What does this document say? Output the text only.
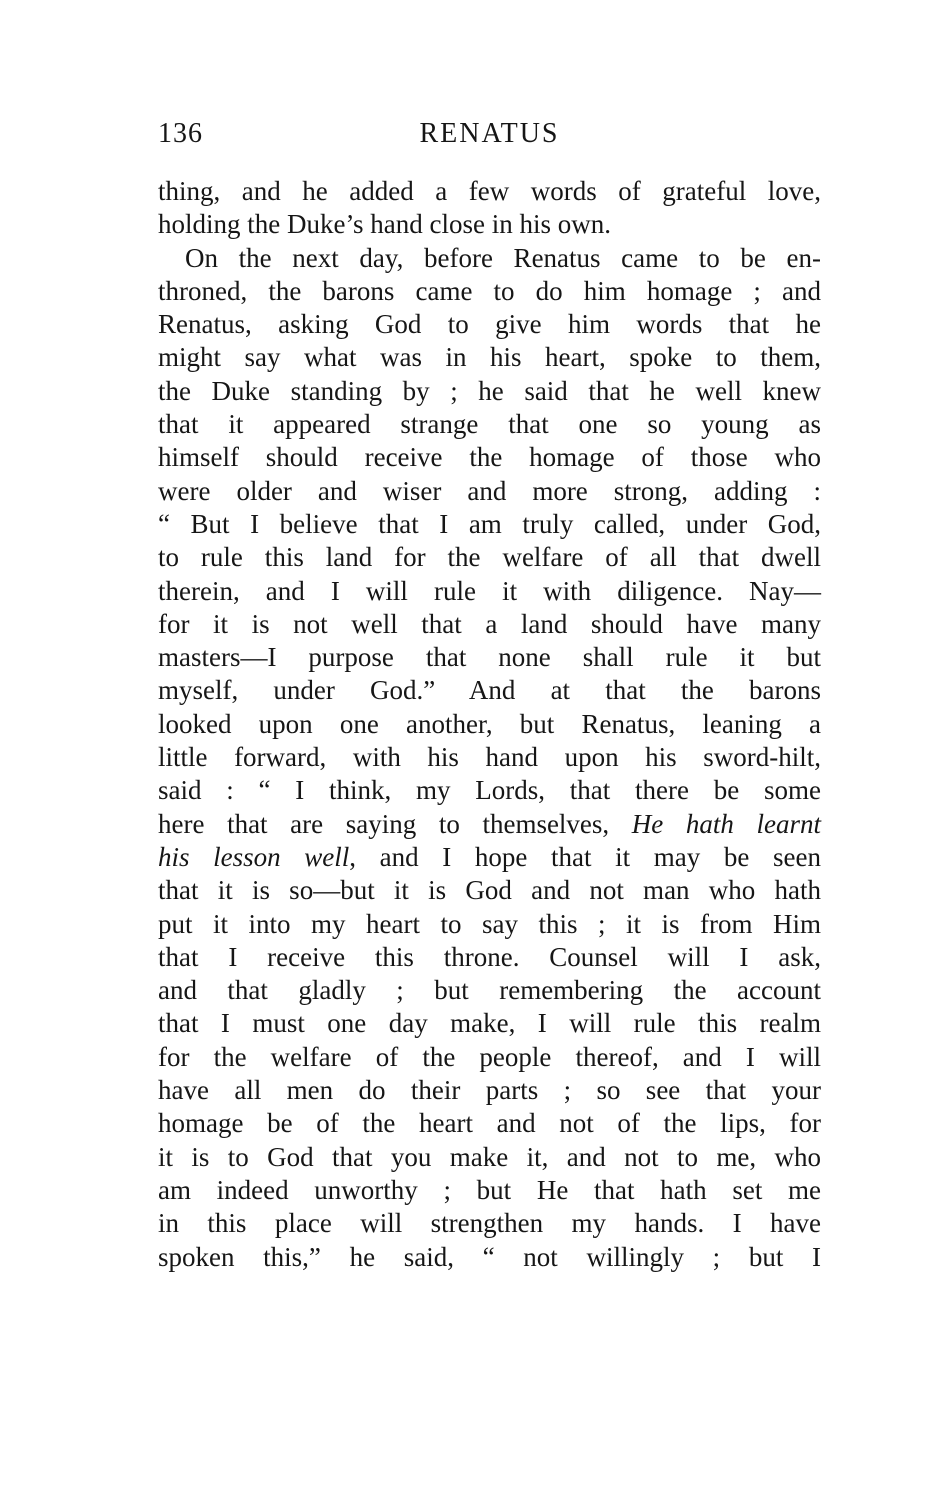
136	RENATUS
thing, and he added a few words of grateful love,
holding the Duke’s hand close in his own.
On the next day, before Renatus came to be en-
throned, the barons came to do him homage ; and
Renatus, asking God to give him words that he
might say what was in his heart, spoke to them,
the Duke standing by ; he said that he well knew
that it appeared strange that one so young as
himself should receive the homage of those who
were older and wiser and more strong, adding :
“ But I believe that I am truly called, under God,
to rule this land for the welfare of all that dwell
therein, and I will rule it with diligence. Nay—
for it is not well that a land should have many
masters—I purpose that none shall rule it but
myself, under God.” And at that the barons
looked upon one another, but Renatus, leaning a
little forward, with his hand upon his sword-hilt,
said : “ I think, my Lords, that there be some
here that are saying to themselves, He hath learnt
his lesson well, and I hope that it may be seen
that it is so—but it is God and not man who hath
put it into my heart to say this ; it is from Him
that I receive this throne. Counsel will I ask,
and that gladly ; but remembering the account
that I must one day make, I will rule this realm
for the welfare of the people thereof, and I will
have all men do their parts ; so see that your
homage be of the heart and not of the lips, for
it is to God that you make it, and not to me, who
am indeed unworthy ; but He that hath set me
in this place will strengthen my hands. I have
spoken this,” he said, “ not willingly ; but I
